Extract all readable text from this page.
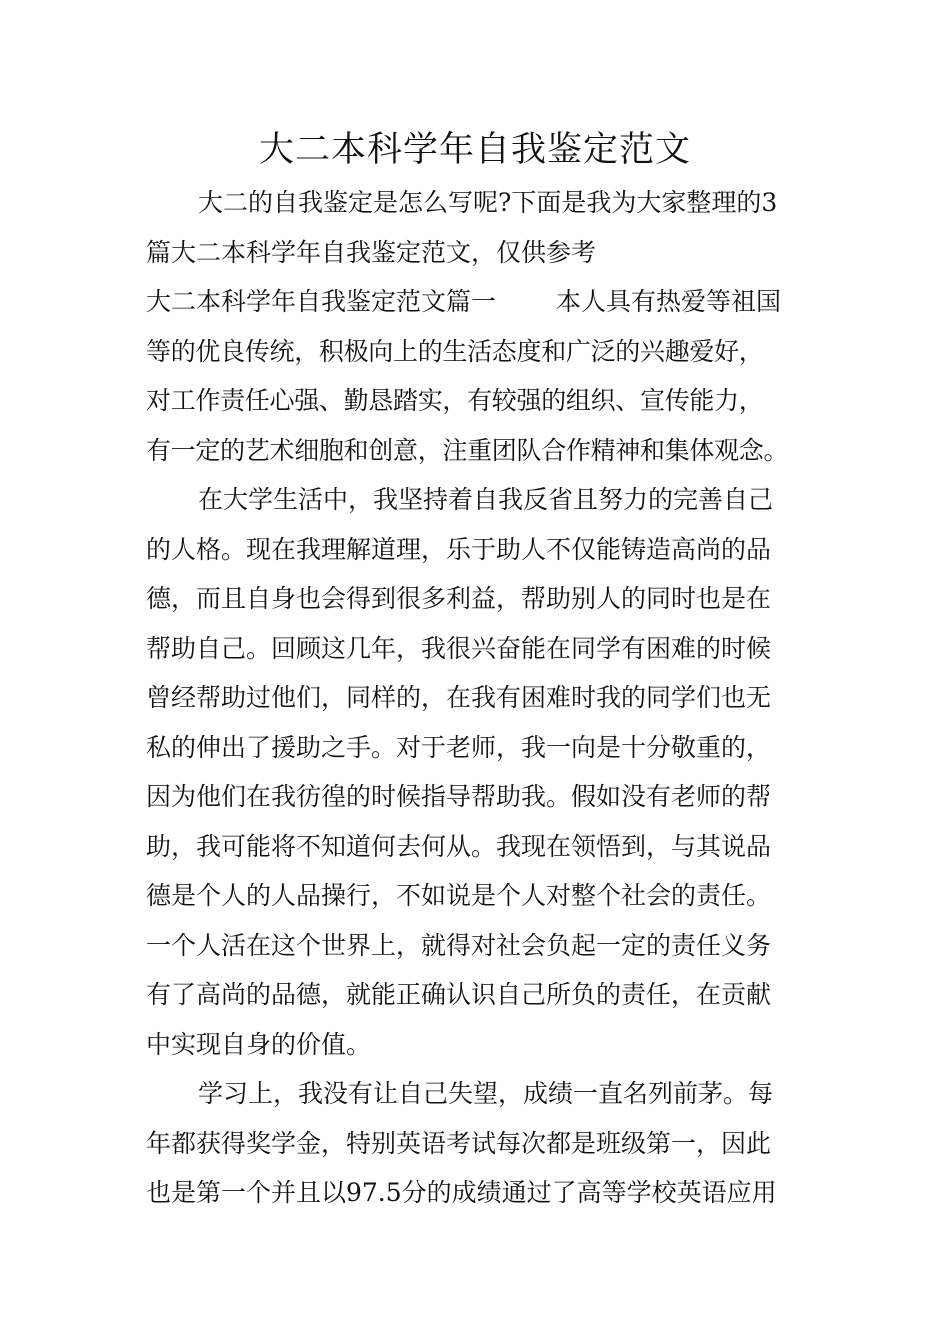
大二本科学年自我鉴定范文
大二的自我鉴定是怎么写呢?下面是我为大家整理的3
篇大二本科学年自我鉴定范文，仅供参考
大二本科学年自我鉴定范文篇一 本人具有热爱等祖国
等的优良传统，积极向上的生活态度和广泛的兴趣爱好，
对工作责任心强、勤恳踏实，有较强的组织、宣传能力，
有一定的艺术细胞和创意，注重团队合作精神和集体观念。
在大学生活中，我坚持着自我反省且努力的完善自己
的人格。现在我理解道理，乐于助人不仅能铸造高尚的品
德，而且自身也会得到很多利益，帮助别人的同时也是在
帮助自己。回顾这几年，我很兴奋能在同学有困难的时候
曾经帮助过他们，同样的，在我有困难时我的同学们也无
私的伸出了援助之手。对于老师，我一向是十分敬重的，
因为他们在我彷徨的时候指导帮助我。假如没有老师的帮
助，我可能将不知道何去何从。我现在领悟到，与其说品
德是个人的人品操行，不如说是个人对整个社会的责任。
一个人活在这个世界上，就得对社会负起一定的责任义务
有了高尚的品德，就能正确认识自己所负的责任，在贡献
中实现自身的价值。
学习上，我没有让自己失望，成绩一直名列前茅。每
年都获得奖学金，特别英语考试每次都是班级第一，因此
也是第一个并且以97.5分的成绩通过了高等学校英语应用
